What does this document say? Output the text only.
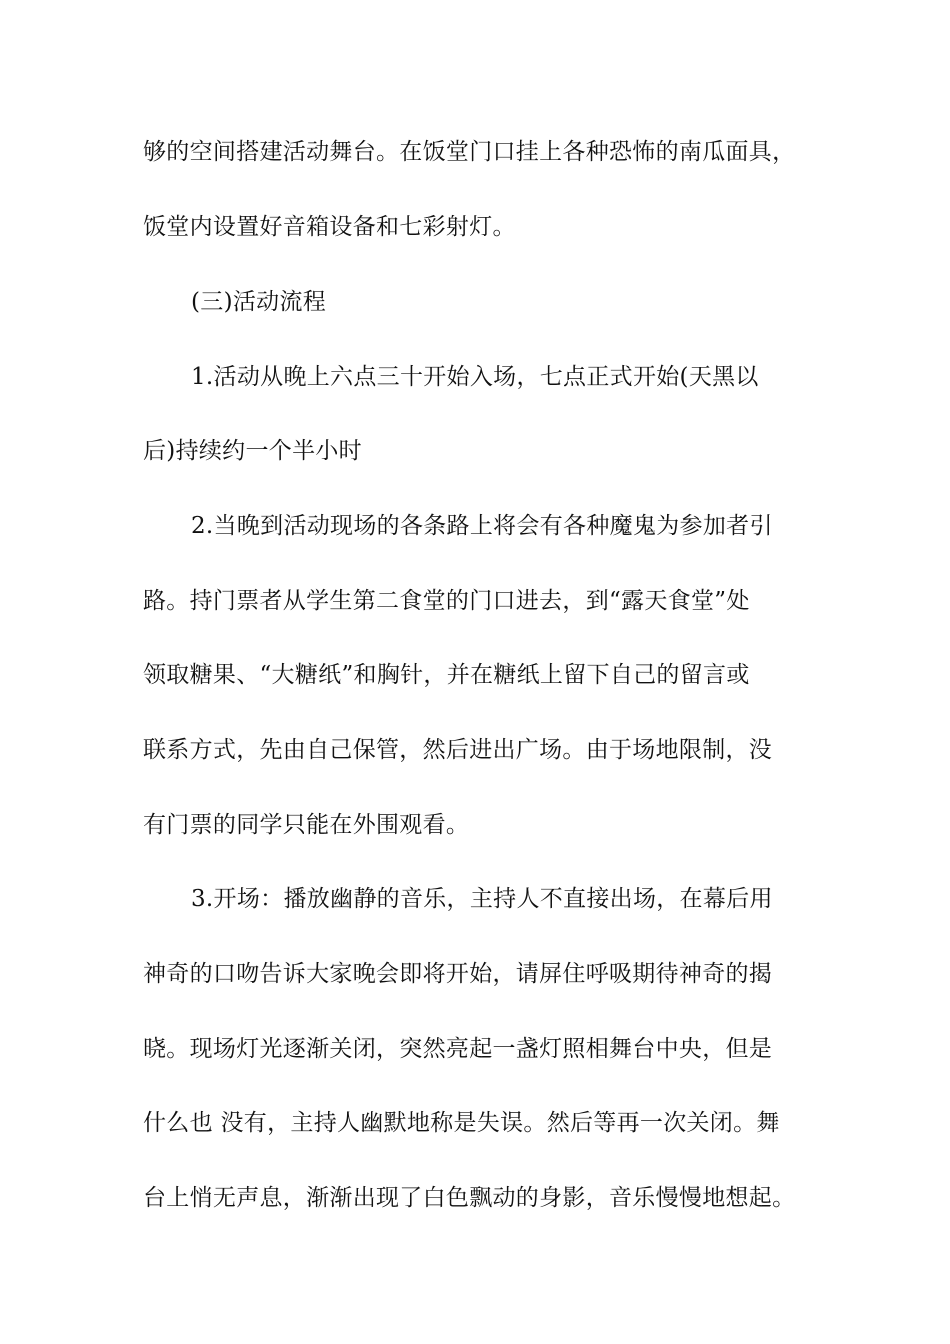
够的空间搭建活动舞台。在饭堂门口挂上各种恐怖的南瓜面具，
饭堂内设置好音箱设备和七彩射灯。
(三)活动流程
1.活动从晚上六点三十开始入场，七点正式开始(天黑以
后)持续约一个半小时
2.当晚到活动现场的各条路上将会有各种魔鬼为参加者引
路。持门票者从学生第二食堂的门口进去，到“露天食堂”处
领取糖果、“大糖纸”和胸针，并在糖纸上留下自己的留言或
联系方式，先由自己保管，然后进出广场。由于场地限制，没
有门票的同学只能在外围观看。
3.开场：播放幽静的音乐，主持人不直接出场，在幕后用
神奇的口吻告诉大家晚会即将开始，请屏住呼吸期待神奇的揭
晓。现场灯光逐渐关闭，突然亮起一盏灯照相舞台中央，但是
什么也 没有，主持人幽默地称是失误。然后等再一次关闭。舞
台上悄无声息，渐渐出现了白色飘动的身影，音乐慢慢地想起。
